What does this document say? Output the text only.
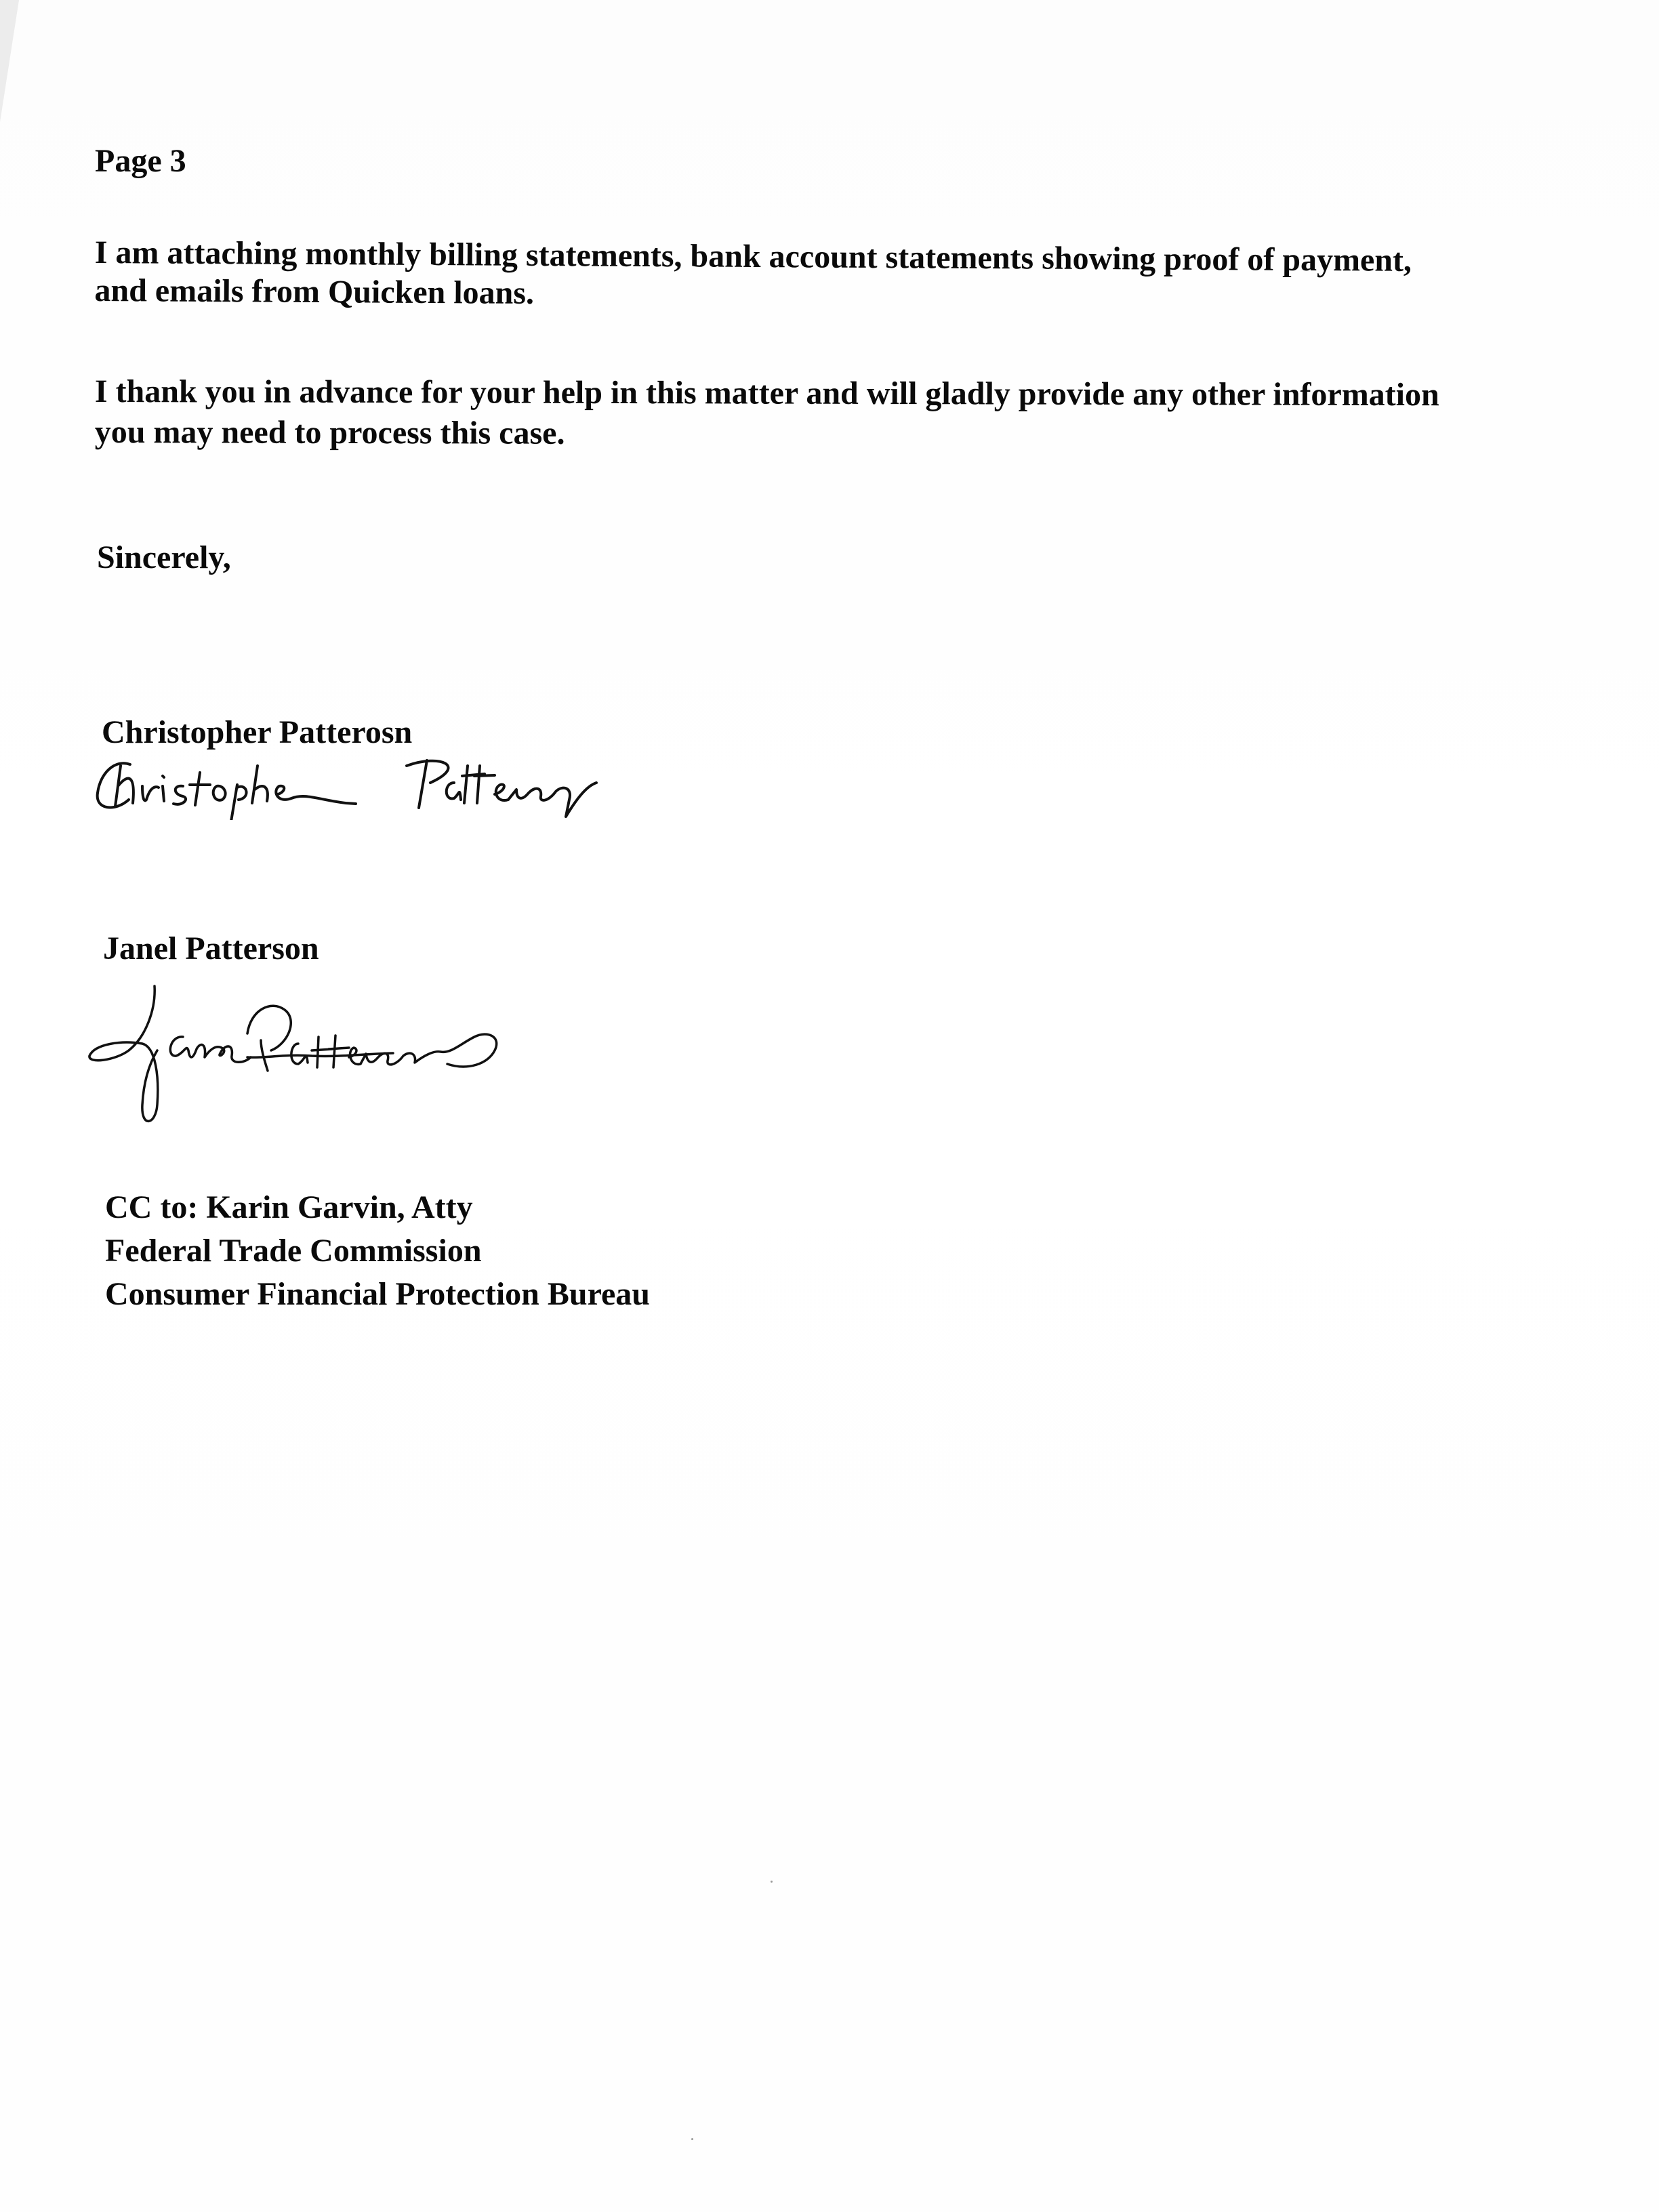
Page 3
I am attaching monthly billing statements, bank account statements showing proof of payment,
and emails from Quicken loans.
I thank you in advance for your help in this matter and will gladly provide any other information
you may need to process this case.
Sincerely,
Christopher Patterosn
Janel Patterson
CC to: Karin Garvin, Atty
Federal Trade Commission
Consumer Financial Protection Bureau
